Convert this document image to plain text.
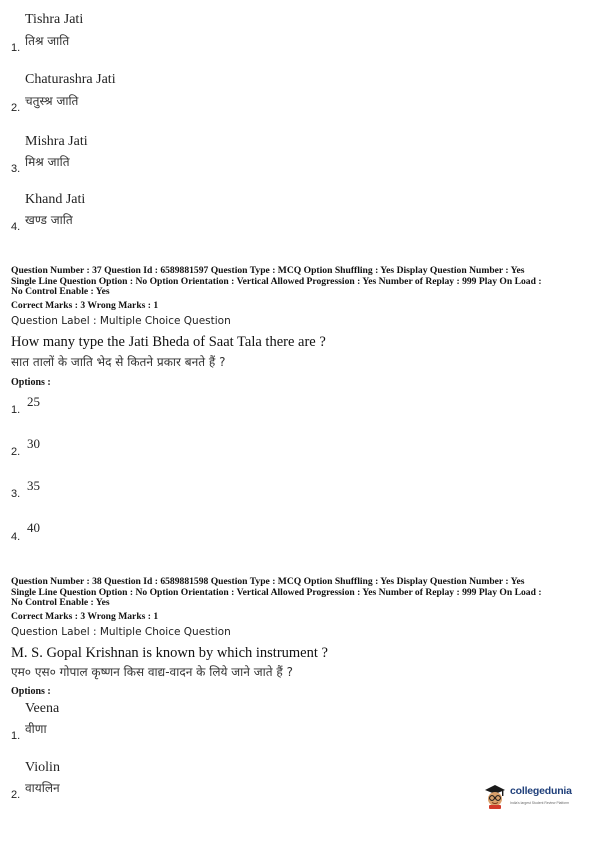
Tishra Jati
तिश्र जाति
1.
Chaturashra Jati
चतुस्श्र जाति
2.
Mishra Jati
मिश्र जाति
3.
Khand Jati
खण्ड जाति
4.
Question Number : 37 Question Id : 6589881597 Question Type : MCQ Option Shuffling : Yes Display Question Number : Yes
Single Line Question Option : No Option Orientation : Vertical Allowed Progression : Yes Number of Replay : 999 Play On Load :
No Control Enable : Yes
Correct Marks : 3 Wrong Marks : 1
Question Label : Multiple Choice Question
How many type the Jati Bheda of Saat Tala there are ?
सात तालों के जाति भेद से कितने प्रकार बनते हैं ?
Options :
25
1.
30
2.
35
3.
40
4.
Question Number : 38 Question Id : 6589881598 Question Type : MCQ Option Shuffling : Yes Display Question Number : Yes
Single Line Question Option : No Option Orientation : Vertical Allowed Progression : Yes Number of Replay : 999 Play On Load :
No Control Enable : Yes
Correct Marks : 3 Wrong Marks : 1
Question Label : Multiple Choice Question
M. S. Gopal Krishnan is known by which instrument ?
एम० एस० गोपाल कृष्णन किस वाद्य-वादन के लिये जाने जाते हैं ?
Options :
Veena
वीणा
1.
Violin
वायलिन
2.	collegedunia
India's largest Student Review Platform
